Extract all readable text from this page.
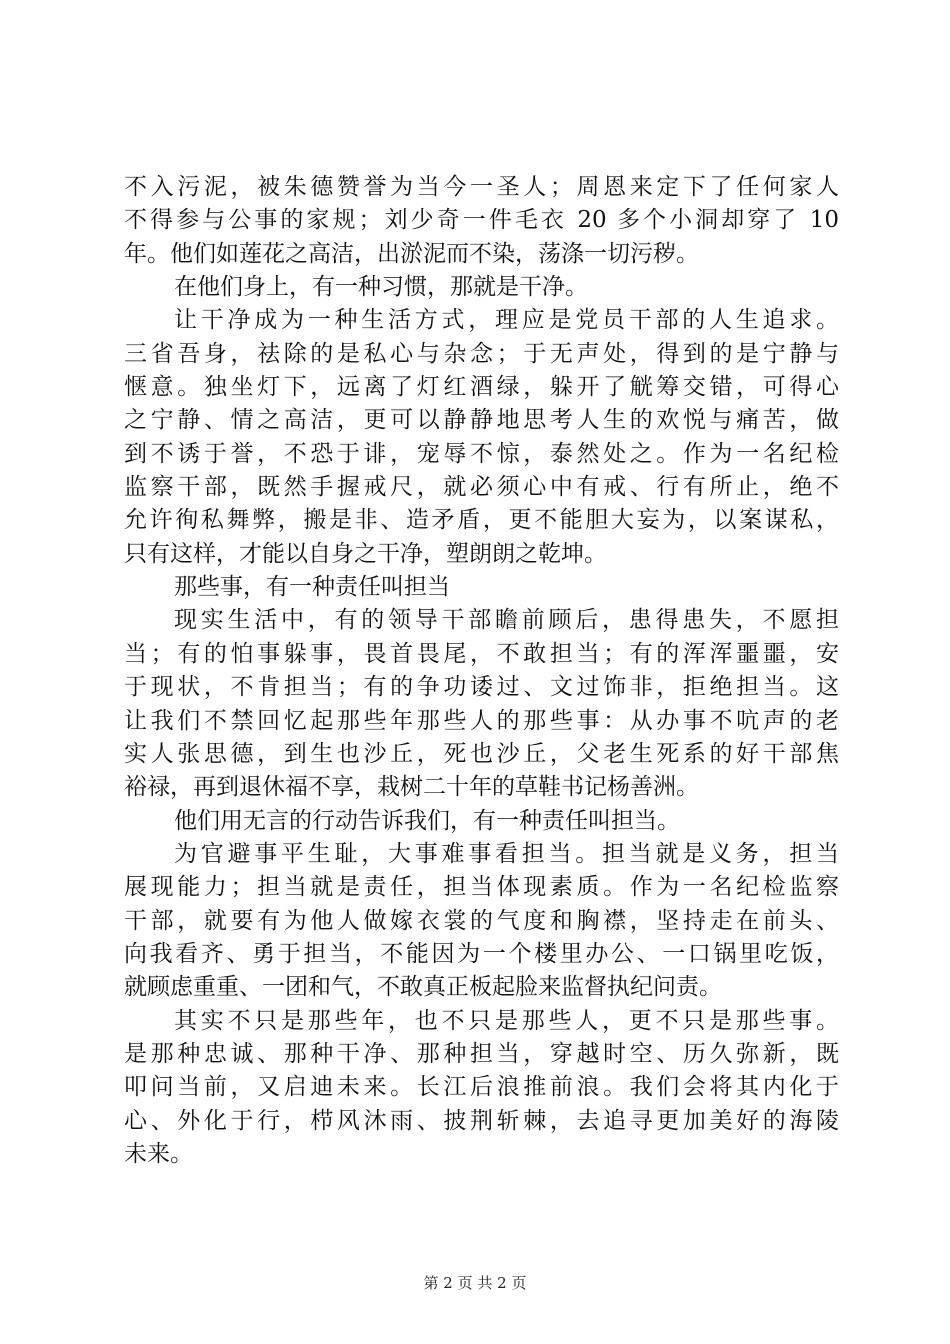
不入污泥，被朱德赞誉为当今一圣人；周恩来定下了任何家人
不得参与公事的家规；刘少奇一件毛衣 20 多个小洞却穿了 10
年。他们如莲花之高洁，出淤泥而不染，荡涤一切污秽。
在他们身上，有一种习惯，那就是干净。
让干净成为一种生活方式，理应是党员干部的人生追求。
三省吾身，祛除的是私心与杂念；于无声处，得到的是宁静与
惬意。独坐灯下，远离了灯红酒绿，躲开了觥筹交错，可得心
之宁静、情之高洁，更可以静静地思考人生的欢悦与痛苦，做
到不诱于誉，不恐于诽，宠辱不惊，泰然处之。作为一名纪检
监察干部，既然手握戒尺，就必须心中有戒、行有所止，绝不
允许徇私舞弊，搬是非、造矛盾，更不能胆大妄为，以案谋私，
只有这样，才能以自身之干净，塑朗朗之乾坤。
那些事，有一种责任叫担当
现实生活中，有的领导干部瞻前顾后，患得患失，不愿担
当；有的怕事躲事，畏首畏尾，不敢担当；有的浑浑噩噩，安
于现状，不肯担当；有的争功诿过、文过饰非，拒绝担当。这
让我们不禁回忆起那些年那些人的那些事：从办事不吭声的老
实人张思德，到生也沙丘，死也沙丘，父老生死系的好干部焦
裕禄，再到退休福不享，栽树二十年的草鞋书记杨善洲。
他们用无言的行动告诉我们，有一种责任叫担当。
为官避事平生耻，大事难事看担当。担当就是义务，担当
展现能力；担当就是责任，担当体现素质。作为一名纪检监察
干部，就要有为他人做嫁衣裳的气度和胸襟，坚持走在前头、
向我看齐、勇于担当，不能因为一个楼里办公、一口锅里吃饭，
就顾虑重重、一团和气，不敢真正板起脸来监督执纪问责。
其实不只是那些年，也不只是那些人，更不只是那些事。
是那种忠诚、那种干净、那种担当，穿越时空、历久弥新，既
叩问当前，又启迪未来。长江后浪推前浪。我们会将其内化于
心、外化于行，栉风沐雨、披荆斩棘，去追寻更加美好的海陵
未来。
第 2 页 共 2 页
